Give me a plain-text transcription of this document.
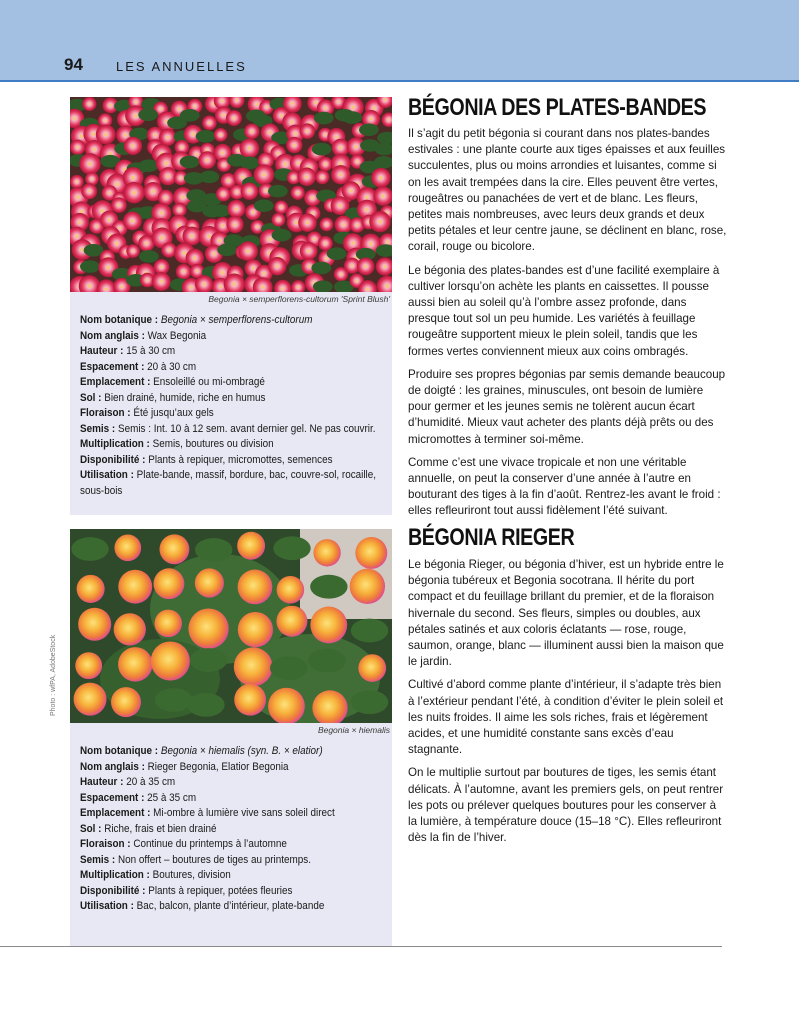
94	LES ANNUELLES
Begonia × semperflorens-cultorum 'Sprint Blush'
Nom botanique : Begonia × semperflorens-cultorum
Nom anglais : Wax Begonia
Hauteur : 15 à 30 cm
Espacement : 20 à 30 cm
Emplacement : Ensoleillé ou mi-ombragé
Sol : Bien drainé, humide, riche en humus
Floraison : Été jusqu’aux gels
Semis : Semis : Int. 10 à 12 sem. avant dernier gel. Ne pas couvrir.
Multiplication : Semis, boutures ou division
Disponibilité : Plants à repiquer, micromottes, semences
Utilisation : Plate-bande, massif, bordure, bac, couvre-sol, rocaille, sous-bois
Begonia × hiemalis
Nom botanique : Begonia × hiemalis (syn. B. × elatior)
Nom anglais : Rieger Begonia, Elatior Begonia
Hauteur : 20 à 35 cm
Espacement : 25 à 35 cm
Emplacement : Mi-ombre à lumière vive sans soleil direct
Sol : Riche, frais et bien drainé
Floraison : Continue du printemps à l’automne
Semis : Non offert – boutures de tiges au printemps.
Multiplication : Boutures, division
Disponibilité : Plants à repiquer, potées fleuries
Utilisation : Bac, balcon, plante d’intérieur, plate-bande
Photo : wfPA, AdobeStock
BÉGONIA DES PLATES-BANDES

Il s’agit du petit bégonia si courant dans nos plates-bandes estivales : une plante courte aux tiges épaisses et aux feuilles succulentes, plus ou moins arrondies et luisantes, comme si on les avait trempées dans la cire. Elles peuvent être vertes, rougeâtres ou panachées de vert et de blanc. Les fleurs, petites mais nombreuses, avec leurs deux grands et deux petits pétales et leur centre jaune, se déclinent en blanc, rose, corail, rouge ou bicolore.

Le bégonia des plates-bandes est d’une facilité exemplaire à cultiver lorsqu’on achète les plants en caissettes. Il pousse aussi bien au soleil qu’à l’ombre assez profonde, dans presque tout sol un peu humide. Les variétés à feuillage rougeâtre supportent mieux le plein soleil, tandis que les formes vertes conviennent mieux aux coins ombragés.

Produire ses propres bégonias par semis demande beaucoup de doigté : les graines, minuscules, ont besoin de lumière pour germer et les jeunes semis ne tolèrent aucun écart d’humidité. Mieux vaut acheter des plants déjà prêts ou des micromottes à terminer soi-même.

Comme c’est une vivace tropicale et non une véritable annuelle, on peut la conserver d’une année à l’autre en bouturant des tiges à la fin d’août. Rentrez-les avant le froid : elles refleuriront tout aussi fidèlement l’été suivant.

BÉGONIA RIEGER

Le bégonia Rieger, ou bégonia d’hiver, est un hybride entre le bégonia tubéreux et Begonia socotrana. Il hérite du port compact et du feuillage brillant du premier, et de la floraison hivernale du second. Ses fleurs, simples ou doubles, aux pétales satinés et aux coloris éclatants — rose, rouge, saumon, orange, blanc — illuminent aussi bien la maison que le jardin.

Cultivé d’abord comme plante d’intérieur, il s’adapte très bien à l’extérieur pendant l’été, à condition d’éviter le plein soleil et les nuits froides. Il aime les sols riches, frais et légèrement acides, et une humidité constante sans excès d’eau stagnante.

On le multiplie surtout par boutures de tiges, les semis étant délicats. À l’automne, avant les premiers gels, on peut rentrer les pots ou prélever quelques boutures pour les conserver à la lumière, à température douce (15–18 °C). Elles refleuriront dès la fin de l’hiver.
